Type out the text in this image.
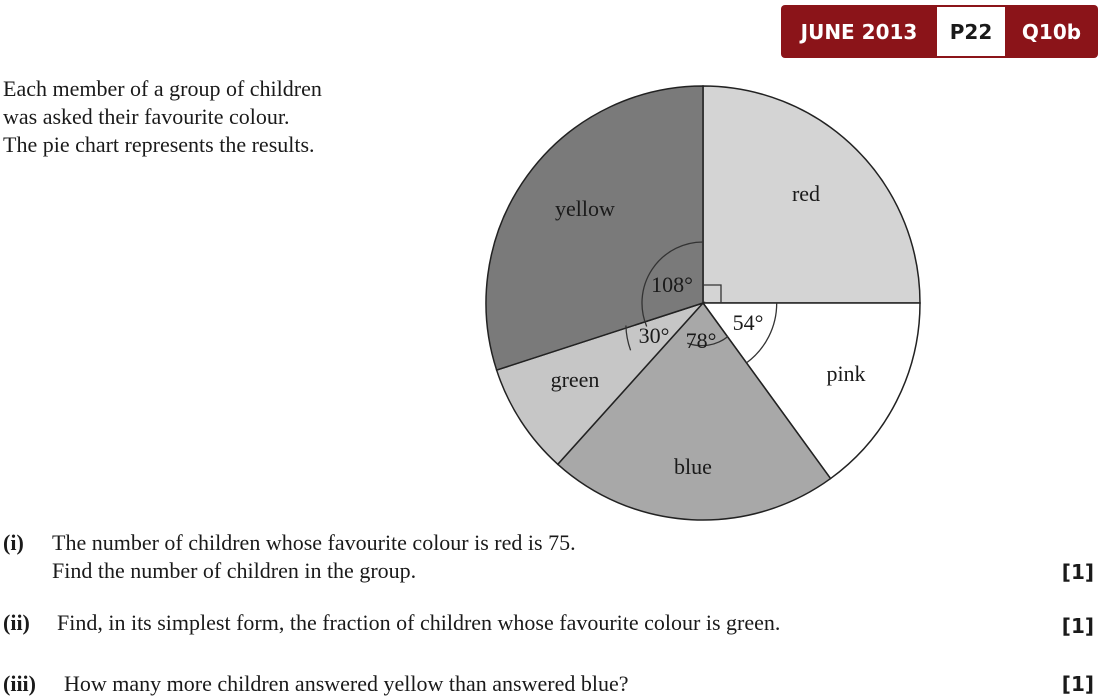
JUNE 2013	P22	Q10b
Each member of a group of children
was asked their favourite colour.
The pie chart represents the results.
red
pink
blue
green
yellow
108°
54°
78°
30°
(i) The number of children whose favourite colour is red is 75.
Find the number of children in the group.	[1]
(ii) Find, in its simplest form, the fraction of children whose favourite colour is green.	[1]
(iii) How many more children answered yellow than answered blue?	[1]
